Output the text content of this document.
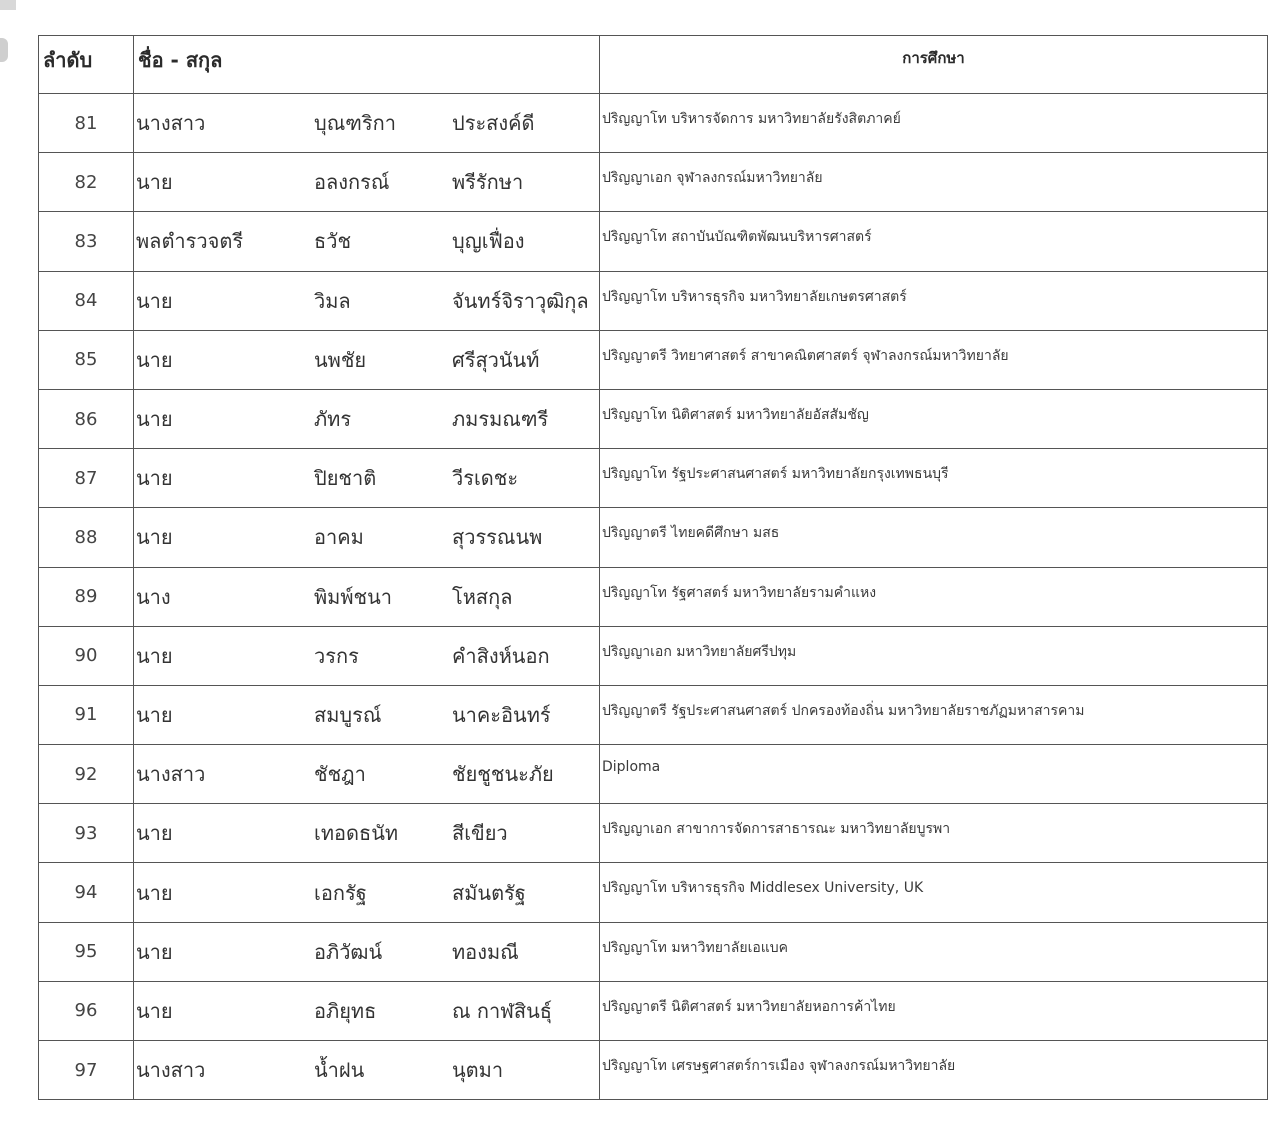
ลำดับ	ชื่อ - สกุล	การศึกษา
81	นางสาว บุณฑริกา ประสงค์ดี	ปริญญาโท บริหารจัดการ มหาวิทยาลัยรังสิตภาคย์
82	นาย อลงกรณ์ พรีรักษา	ปริญญาเอก จุฬาลงกรณ์มหาวิทยาลัย
83	พลตำรวจตรี ธวัช บุญเฟื่อง	ปริญญาโท สถาบันบัณฑิตพัฒนบริหารศาสตร์
84	นาย วิมล จันทร์จิราวุฒิกุล	ปริญญาโท บริหารธุรกิจ มหาวิทยาลัยเกษตรศาสตร์
85	นาย นพชัย ศรีสุวนันท์	ปริญญาตรี วิทยาศาสตร์ สาขาคณิตศาสตร์ จุฬาลงกรณ์มหาวิทยาลัย
86	นาย ภัทร ภมรมณฑรี	ปริญญาโท นิติศาสตร์ มหาวิทยาลัยอัสสัมชัญ
87	นาย ปิยชาติ วีรเดชะ	ปริญญาโท รัฐประศาสนศาสตร์ มหาวิทยาลัยกรุงเทพธนบุรี
88	นาย อาคม สุวรรณนพ	ปริญญาตรี ไทยคดีศึกษา มสธ
89	นาง พิมพ์ชนา โหสกุล	ปริญญาโท รัฐศาสตร์ มหาวิทยาลัยรามคำแหง
90	นาย วรกร คำสิงห์นอก	ปริญญาเอก มหาวิทยาลัยศรีปทุม
91	นาย สมบูรณ์ นาคะอินทร์	ปริญญาตรี รัฐประศาสนศาสตร์ ปกครองท้องถิ่น มหาวิทยาลัยราชภัฏมหาสารคาม
92	นางสาว ชัชฎา ชัยชูชนะภัย	Diploma
93	นาย เทอดธนัท สีเขียว	ปริญญาเอก สาขาการจัดการสาธารณะ มหาวิทยาลัยบูรพา
94	นาย เอกรัฐ สมันตรัฐ	ปริญญาโท บริหารธุรกิจ Middlesex University, UK
95	นาย อภิวัฒน์ ทองมณี	ปริญญาโท มหาวิทยาลัยเอแบค
96	นาย อภิยุทธ ณ กาฬสินธุ์	ปริญญาตรี นิติศาสตร์ มหาวิทยาลัยหอการค้าไทย
97	นางสาว น้ำฝน นุตมา	ปริญญาโท เศรษฐศาสตร์การเมือง จุฬาลงกรณ์มหาวิทยาลัย
